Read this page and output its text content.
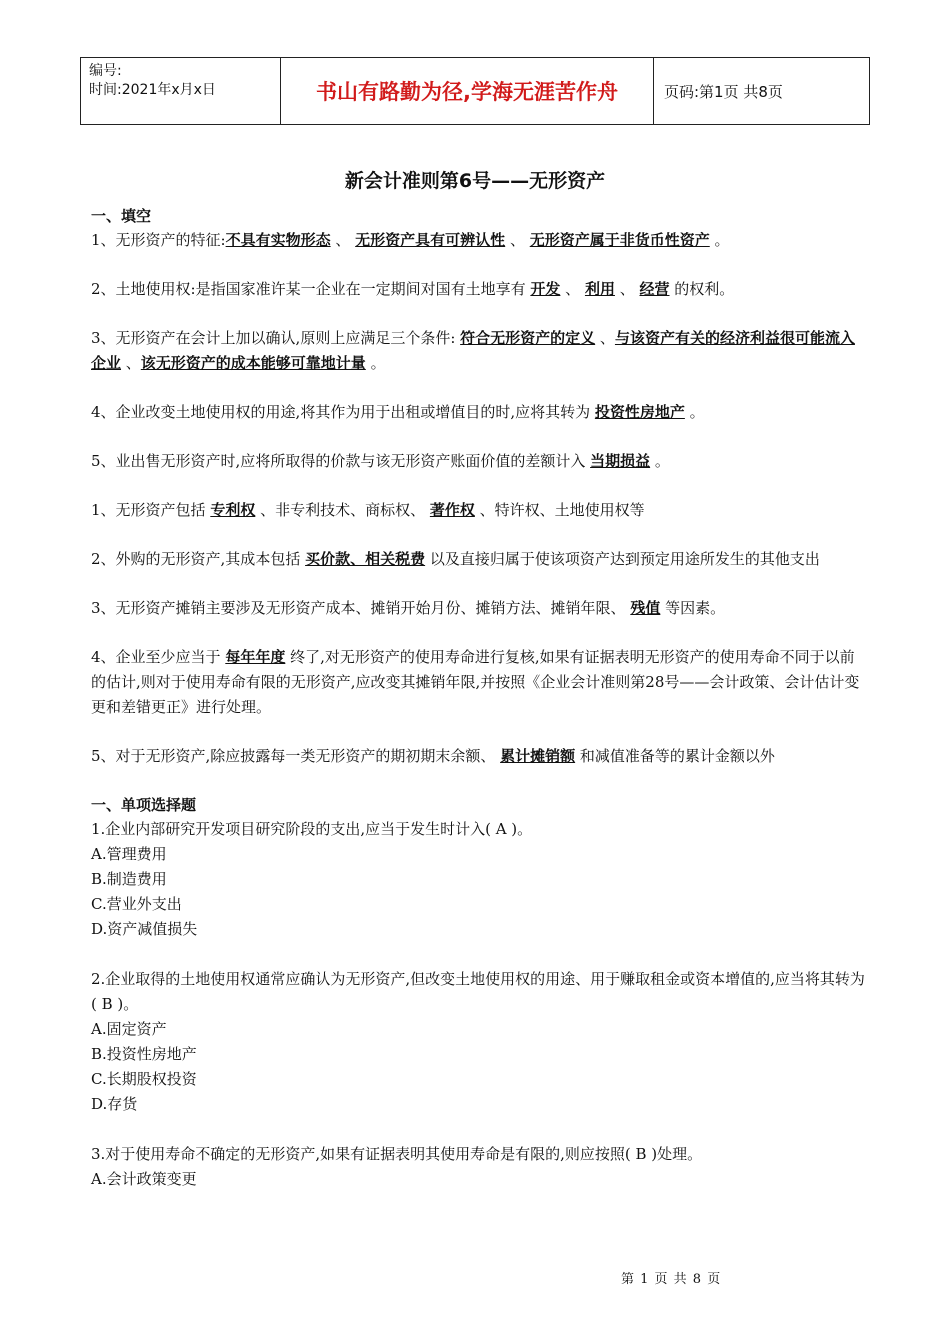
编号:
时间:2021年x月x日	书山有路勤为径,学海无涯苦作舟	页码:第1页 共8页
新会计准则第6号——无形资产
一、填空
1、无形资产的特征:不具有实物形态 、 无形资产具有可辨认性 、 无形资产属于非货币性资产 。
2、土地使用权:是指国家准许某一企业在一定期间对国有土地享有 开发 、 利用 、 经营 的权利。
3、无形资产在会计上加以确认,原则上应满足三个条件: 符合无形资产的定义 、与该资产有关的经济利益很可能流入企业 、该无形资产的成本能够可靠地计量 。
4、企业改变土地使用权的用途,将其作为用于出租或增值目的时,应将其转为 投资性房地产 。
5、业出售无形资产时,应将所取得的价款与该无形资产账面价值的差额计入 当期损益 。
1、无形资产包括 专利权 、非专利技术、商标权、 著作权 、特许权、土地使用权等
2、外购的无形资产,其成本包括 买价款、相关税费 以及直接归属于使该项资产达到预定用途所发生的其他支出
3、无形资产摊销主要涉及无形资产成本、摊销开始月份、摊销方法、摊销年限、 残值 等因素。
4、企业至少应当于 每年年度 终了,对无形资产的使用寿命进行复核,如果有证据表明无形资产的使用寿命不同于以前的估计,则对于使用寿命有限的无形资产,应改变其摊销年限,并按照《企业会计准则第28号——会计政策、会计估计变更和差错更正》进行处理。
5、对于无形资产,除应披露每一类无形资产的期初期末余额、 累计摊销额 和减值准备等的累计金额以外
一、单项选择题
1.企业内部研究开发项目研究阶段的支出,应当于发生时计入( A )。
A.管理费用
B.制造费用
C.营业外支出
D.资产减值损失
2.企业取得的土地使用权通常应确认为无形资产,但改变土地使用权的用途、用于赚取租金或资本增值的,应当将其转为( B )。
A.固定资产
B.投资性房地产
C.长期股权投资
D.存货
3.对于使用寿命不确定的无形资产,如果有证据表明其使用寿命是有限的,则应按照( B )处理。
A.会计政策变更
第 1 页 共 8 页
